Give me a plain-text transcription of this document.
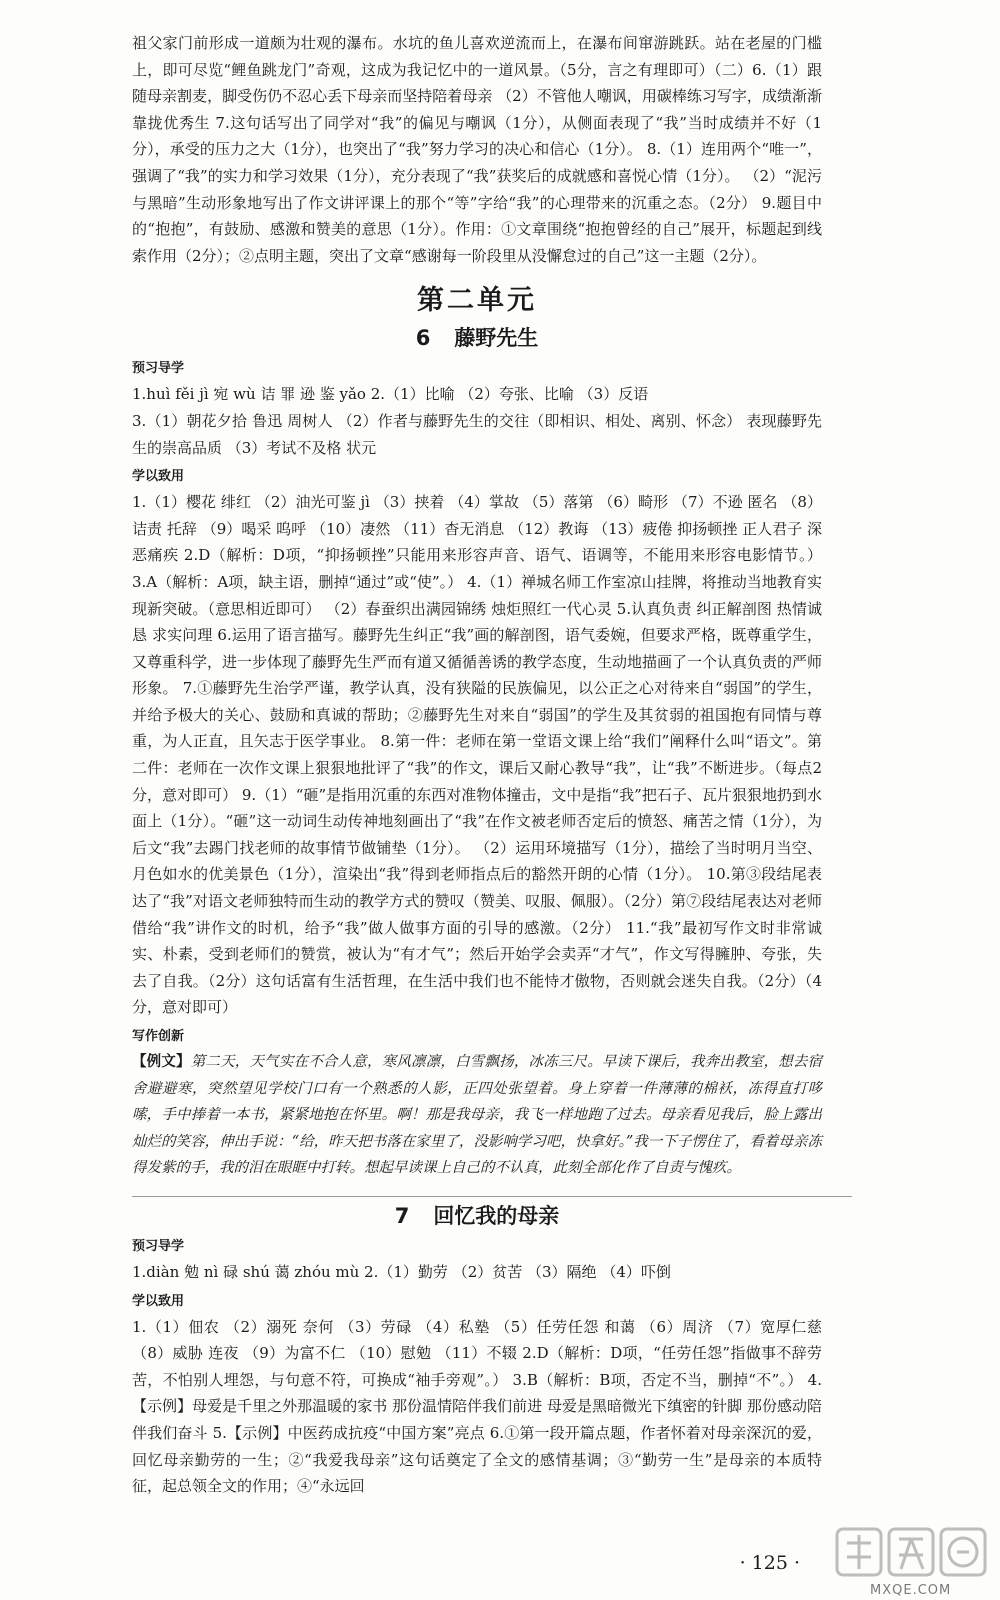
祖父家门前形成一道颇为壮观的瀑布。水坑的鱼儿喜欢逆流而上，在瀑布间窜游跳跃。站在老屋的门槛上，即可尽览“鲤鱼跳龙门”奇观，这成为我记忆中的一道风景。（5分，言之有理即可）（二）6.（1）跟随母亲割麦，脚受伤仍不忍心丢下母亲而坚持陪着母亲 （2）不管他人嘲讽，用碳棒练习写字，成绩渐渐靠拢优秀生 7.这句话写出了同学对“我”的偏见与嘲讽（1分），从侧面表现了“我”当时成绩并不好（1分），承受的压力之大（1分），也突出了“我”努力学习的决心和信心（1分）。 8.（1）连用两个“唯一”，强调了“我”的实力和学习效果（1分），充分表现了“我”获奖后的成就感和喜悦心情（1分）。 （2）“泥污与黑暗”生动形象地写出了作文讲评课上的那个“等”字给“我”的心理带来的沉重之态。（2分） 9.题目中的“抱抱”，有鼓励、感激和赞美的意思（1分）。作用：①文章围绕“抱抱曾经的自己”展开，标题起到线索作用（2分）；②点明主题，突出了文章“感谢每一阶段里从没懈怠过的自己”这一主题（2分）。

第二单元
6 藤野先生
预习导学

1.huì fěi jì 宛 wù 诘 罪 逊 鉴 yǎo 2.（1）比喻 （2）夸张、比喻 （3）反语

3.（1）朝花夕拾 鲁迅 周树人 （2）作者与藤野先生的交往（即相识、相处、离别、怀念） 表现藤野先生的崇高品质 （3）考试不及格 状元

学以致用

1.（1）樱花 绯红 （2）油光可鉴 jì （3）挟着 （4）掌故 （5）落第 （6）畸形 （7）不逊 匿名 （8）诘责 托辞 （9）喝采 呜呼 （10）凄然 （11）杳无消息 （12）教诲 （13）疲倦 抑扬顿挫 正人君子 深恶痛疾 2.D（解析：D项，“抑扬顿挫”只能用来形容声音、语气、语调等，不能用来形容电影情节。） 3.A（解析：A项，缺主语，删掉“通过”或“使”。） 4.（1）禅城名师工作室凉山挂牌，将推动当地教育实现新突破。（意思相近即可） （2）春蚕织出满园锦绣 烛炬照红一代心灵 5.认真负责 纠正解剖图 热情诚恳 求实问理 6.运用了语言描写。藤野先生纠正“我”画的解剖图，语气委婉，但要求严格，既尊重学生，又尊重科学，进一步体现了藤野先生严而有道又循循善诱的教学态度，生动地描画了一个认真负责的严师形象。 7.①藤野先生治学严谨，教学认真，没有狭隘的民族偏见，以公正之心对待来自“弱国”的学生，并给予极大的关心、鼓励和真诚的帮助；②藤野先生对来自“弱国”的学生及其贫弱的祖国抱有同情与尊重，为人正直，且矢志于医学事业。 8.第一件：老师在第一堂语文课上给“我们”阐释什么叫“语文”。第二件：老师在一次作文课上狠狠地批评了“我”的作文，课后又耐心教导“我”，让“我”不断进步。（每点2分，意对即可） 9.（1）“砸”是指用沉重的东西对准物体撞击，文中是指“我”把石子、瓦片狠狠地扔到水面上（1分）。“砸”这一动词生动传神地刻画出了“我”在作文被老师否定后的愤怒、痛苦之情（1分），为后文“我”去踢门找老师的故事情节做铺垫（1分）。 （2）运用环境描写（1分），描绘了当时明月当空、月色如水的优美景色（1分），渲染出“我”得到老师指点后的豁然开朗的心情（1分）。 10.第③段结尾表达了“我”对语文老师独特而生动的教学方式的赞叹（赞美、叹服、佩服）。（2分）第⑦段结尾表达对老师借给“我”讲作文的时机，给予“我”做人做事方面的引导的感激。（2分） 11.“我”最初写作文时非常诚实、朴素，受到老师们的赞赏，被认为“有才气”；然后开始学会卖弄“才气”，作文写得臃肿、夸张，失去了自我。（2分）这句话富有生活哲理，在生活中我们也不能恃才傲物，否则就会迷失自我。（2分）（4分，意对即可）

写作创新

【例文】第二天，天气实在不合人意，寒风凛凛，白雪飘扬，冰冻三尺。早读下课后，我奔出教室，想去宿舍避避寒，突然望见学校门口有一个熟悉的人影，正四处张望着。身上穿着一件薄薄的棉袄，冻得直打哆嗦，手中捧着一本书，紧紧地抱在怀里。啊！那是我母亲，我飞一样地跑了过去。母亲看见我后，脸上露出灿烂的笑容，伸出手说：“给，昨天把书落在家里了，没影响学习吧，快拿好。”我一下子愣住了，看着母亲冻得发紫的手，我的泪在眼眶中打转。想起早读课上自己的不认真，此刻全部化作了自责与愧疚。

7 回忆我的母亲
预习导学

1.diàn 勉 nì 碌 shú 蔼 zhóu mù 2.（1）勤劳 （2）贫苦 （3）隔绝 （4）吓倒

学以致用

1.（1）佃农 （2）溺死 奈何 （3）劳碌 （4）私塾 （5）任劳任怨 和蔼 （6）周济 （7）宽厚仁慈 （8）威胁 连夜 （9）为富不仁 （10）慰勉 （11）不辍 2.D（解析：D项，“任劳任怨”指做事不辞劳苦，不怕别人埋怨，与句意不符，可换成“袖手旁观”。） 3.B（解析：B项，否定不当，删掉“不”。） 4.【示例】母爱是千里之外那温暖的家书 那份温情陪伴我们前进 母爱是黑暗微光下缜密的针脚 那份感动陪伴我们奋斗 5.【示例】中医药成抗疫“中国方案”亮点 6.①第一段开篇点题，作者怀着对母亲深沉的爱，回忆母亲勤劳的一生；②“我爱我母亲”这句话奠定了全文的感情基调；③“勤劳一生”是母亲的本质特征，起总领全文的作用；④“永远回

· 125 ·
MXQE.COM
